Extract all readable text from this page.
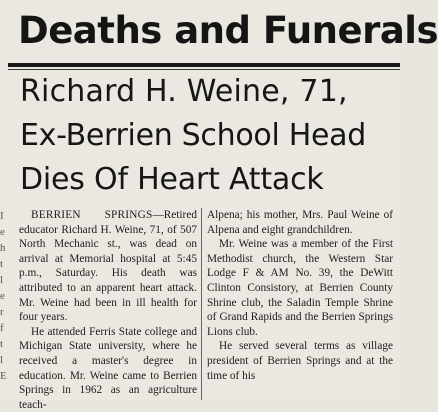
Deaths and Funerals
Richard H. Weine, 71,
Ex-Berrien School Head
Dies Of Heart Attack
I
e
h
t
l
e
r
f
t
l
E

BERRIEN SPRINGS—Retired educator Richard H. Weine, 71, of 507 North Mechanic st., was dead on arrival at Memorial hospital at 5:45 p.m., Saturday. His death was attributed to an apparent heart attack. Mr. Weine had been in ill health for four years.

He attended Ferris State college and Michigan State university, where he received a master's degree in education. Mr. Weine came to Berrien Springs in 1962 as an agriculture teach-

Alpena; his mother, Mrs. Paul Weine of Alpena and eight grandchildren.

Mr. Weine was a member of the First Methodist church, the Western Star Lodge F & AM No. 39, the DeWitt Clinton Consistory, at Berrien County Shrine club, the Saladin Temple Shrine of Grand Rapids and the Berrien Springs Lions club.

He served several terms as village president of Berrien Springs and at the time of his
